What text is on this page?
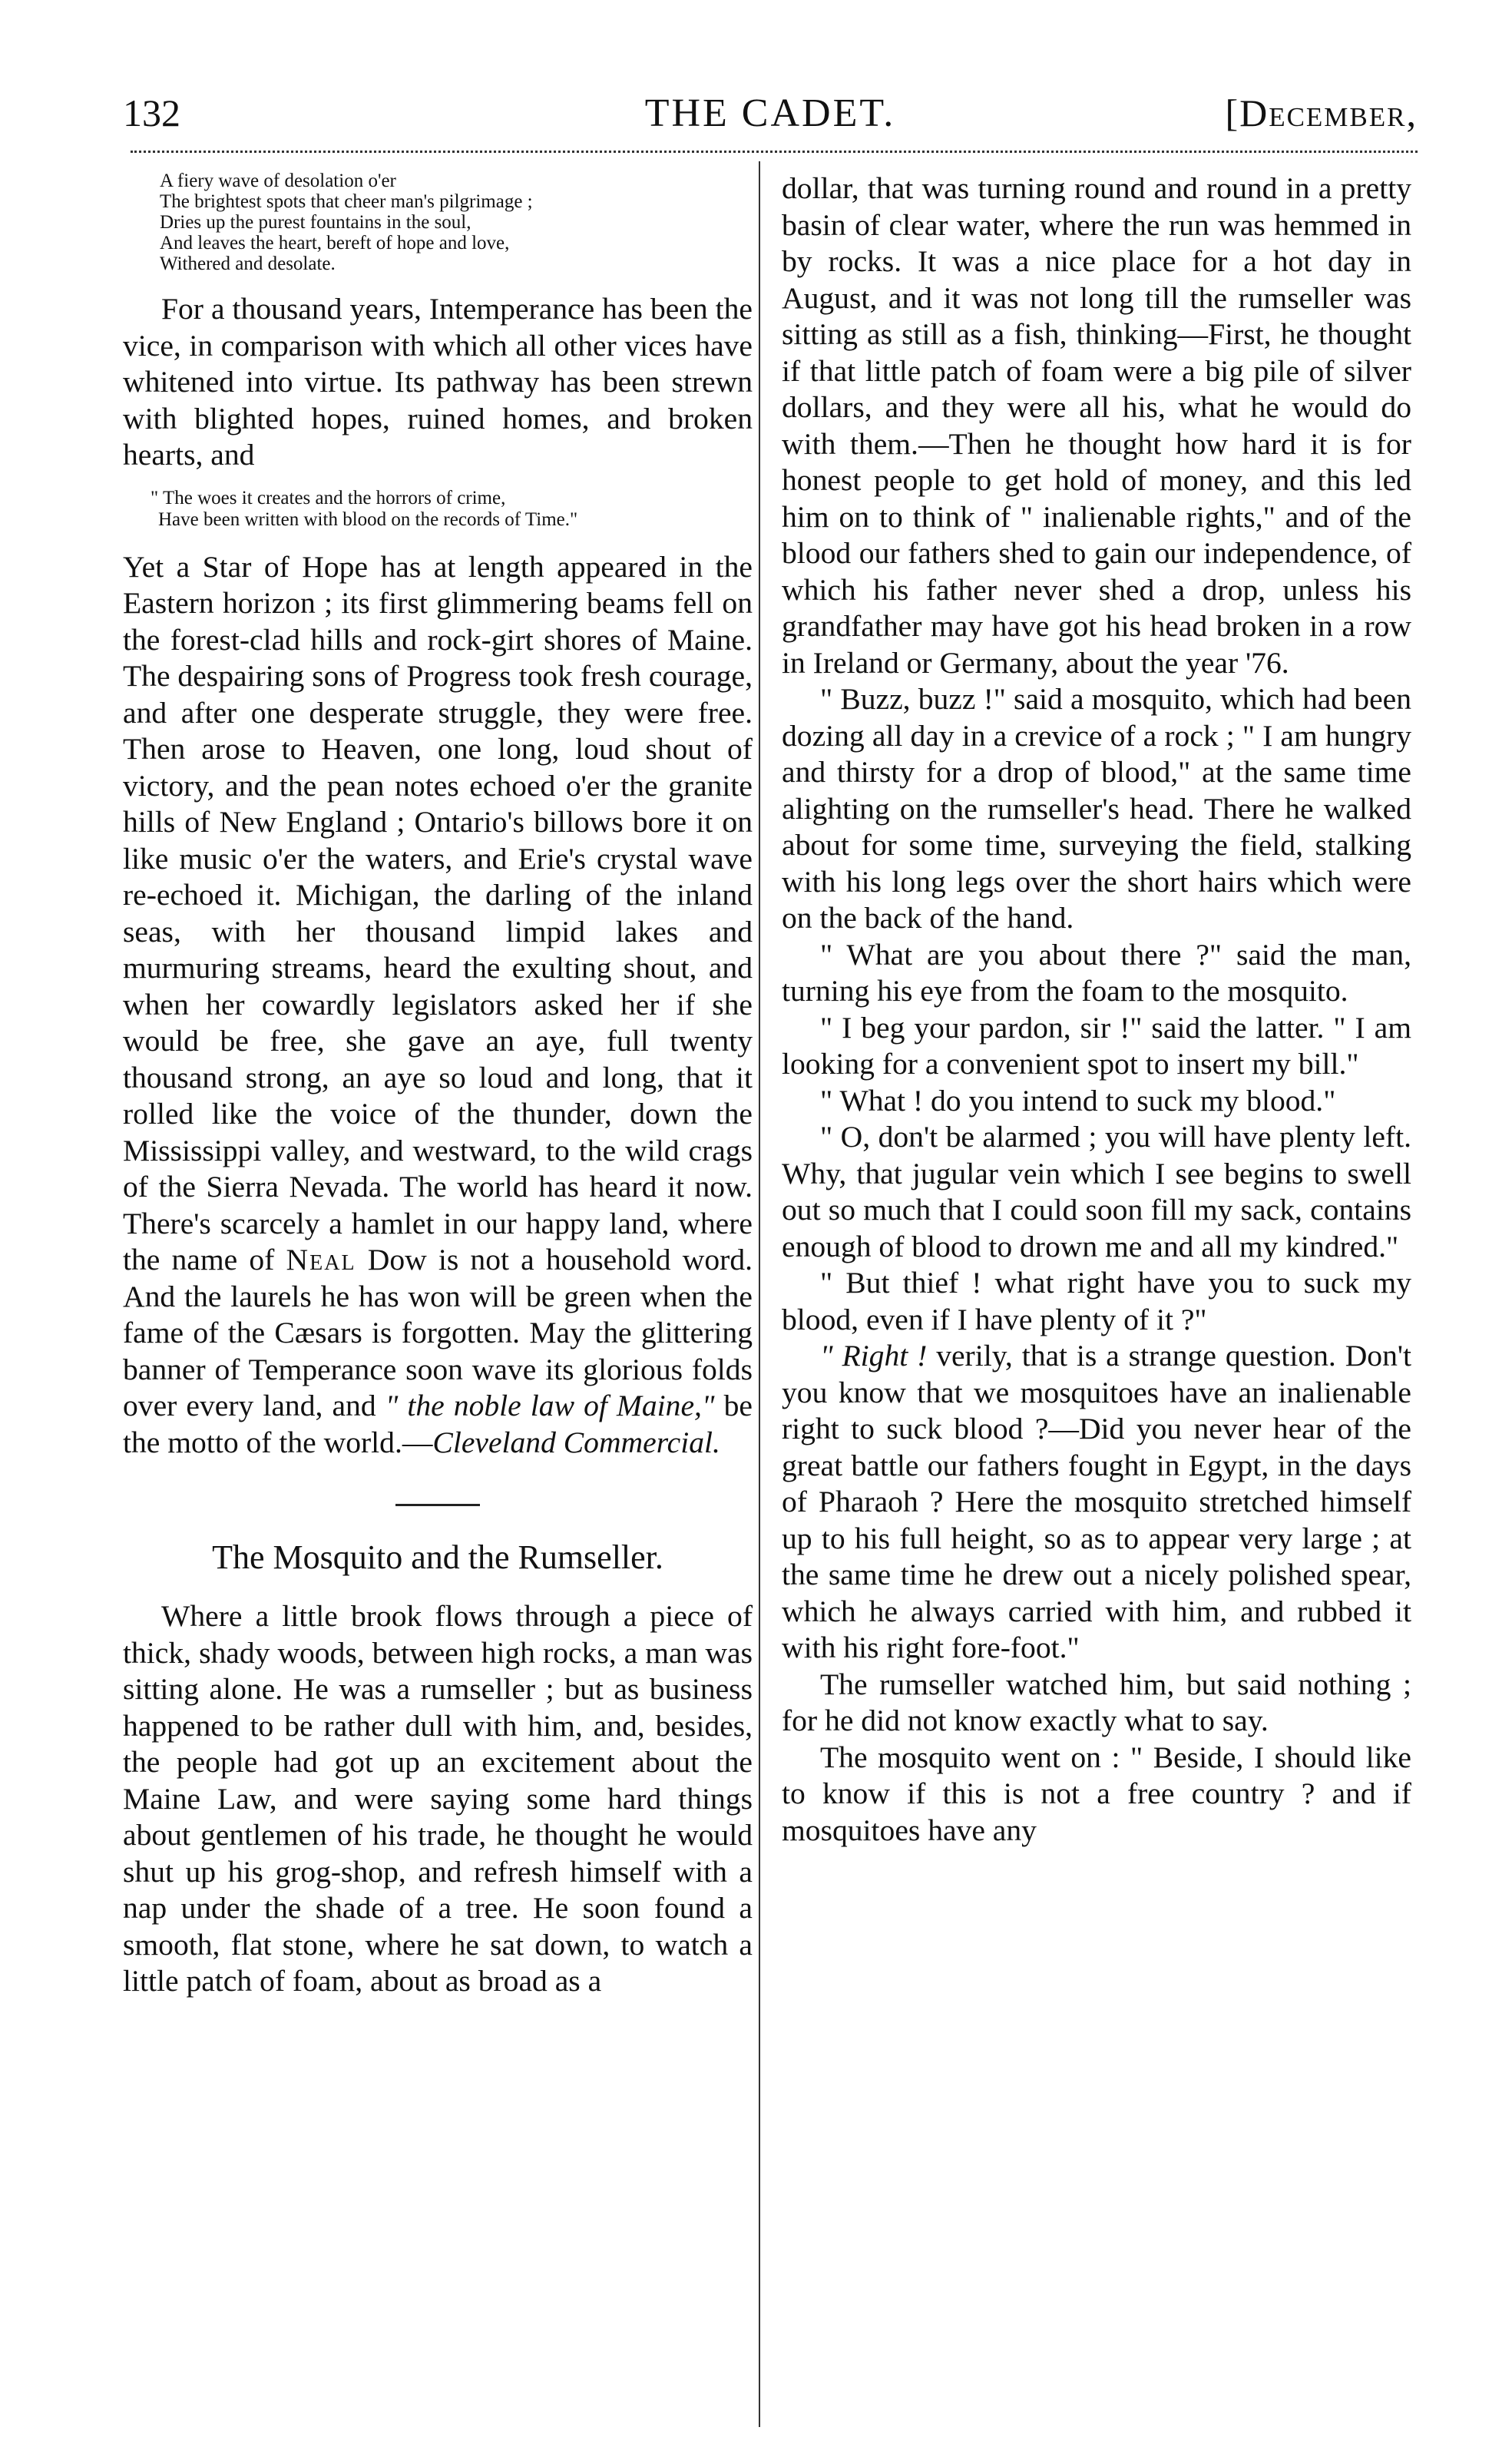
132	THE CADET.	[December,
A fiery wave of desolation o'er
The brightest spots that cheer man's pilgrimage ;
Dries up the purest fountains in the soul,
And leaves the heart, bereft of hope and love,
Withered and desolate.

For a thousand years, Intemperance has been the vice, in comparison with which all other vices have whitened into virtue. Its pathway has been strewn with blighted hopes, ruined homes, and broken hearts, and

" The woes it creates and the horrors of crime,
Have been written with blood on the records of Time."

Yet a Star of Hope has at length appeared in the Eastern horizon ; its first glimmering beams fell on the forest-clad hills and rock-girt shores of Maine. The despairing sons of Progress took fresh courage, and after one desperate struggle, they were free. Then arose to Heaven, one long, loud shout of victory, and the pean notes echoed o'er the granite hills of New England ; Ontario's billows bore it on like music o'er the waters, and Erie's crystal wave re-echoed it. Michigan, the darling of the inland seas, with her thousand limpid lakes and murmuring streams, heard the exulting shout, and when her cowardly legislators asked her if she would be free, she gave an aye, full twenty thousand strong, an aye so loud and long, that it rolled like the voice of the thunder, down the Mississippi valley, and westward, to the wild crags of the Sierra Nevada. The world has heard it now. There's scarcely a hamlet in our happy land, where the name of Neal Dow is not a household word. And the laurels he has won will be green when the fame of the Cæsars is forgotten. May the glittering banner of Temperance soon wave its glorious folds over every land, and " the noble law of Maine," be the motto of the world.—Cleveland Commercial.

The Mosquito and the Rumseller.

Where a little brook flows through a piece of thick, shady woods, between high rocks, a man was sitting alone. He was a rumseller ; but as business happened to be rather dull with him, and, besides, the people had got up an excitement about the Maine Law, and were saying some hard things about gentlemen of his trade, he thought he would shut up his grog-shop, and refresh himself with a nap under the shade of a tree. He soon found a smooth, flat stone, where he sat down, to watch a little patch of foam, about as broad as a

dollar, that was turning round and round in a pretty basin of clear water, where the run was hemmed in by rocks. It was a nice place for a hot day in August, and it was not long till the rumseller was sitting as still as a fish, thinking—First, he thought if that little patch of foam were a big pile of silver dollars, and they were all his, what he would do with them.—Then he thought how hard it is for honest people to get hold of money, and this led him on to think of " inalienable rights," and of the blood our fathers shed to gain our independence, of which his father never shed a drop, unless his grandfather may have got his head broken in a row in Ireland or Germany, about the year '76.

" Buzz, buzz !" said a mosquito, which had been dozing all day in a crevice of a rock ; " I am hungry and thirsty for a drop of blood," at the same time alighting on the rumseller's head. There he walked about for some time, surveying the field, stalking with his long legs over the short hairs which were on the back of the hand.

" What are you about there ?" said the man, turning his eye from the foam to the mosquito.

" I beg your pardon, sir !" said the latter. " I am looking for a convenient spot to insert my bill."

" What ! do you intend to suck my blood."

" O, don't be alarmed ; you will have plenty left. Why, that jugular vein which I see begins to swell out so much that I could soon fill my sack, contains enough of blood to drown me and all my kindred."

" But thief ! what right have you to suck my blood, even if I have plenty of it ?"

" Right ! verily, that is a strange question. Don't you know that we mosquitoes have an inalienable right to suck blood ?—Did you never hear of the great battle our fathers fought in Egypt, in the days of Pharaoh ? Here the mosquito stretched himself up to his full height, so as to appear very large ; at the same time he drew out a nicely polished spear, which he always carried with him, and rubbed it with his right fore-foot."

The rumseller watched him, but said nothing ; for he did not know exactly what to say.

The mosquito went on : " Beside, I should like to know if this is not a free country ? and if mosquitoes have any
